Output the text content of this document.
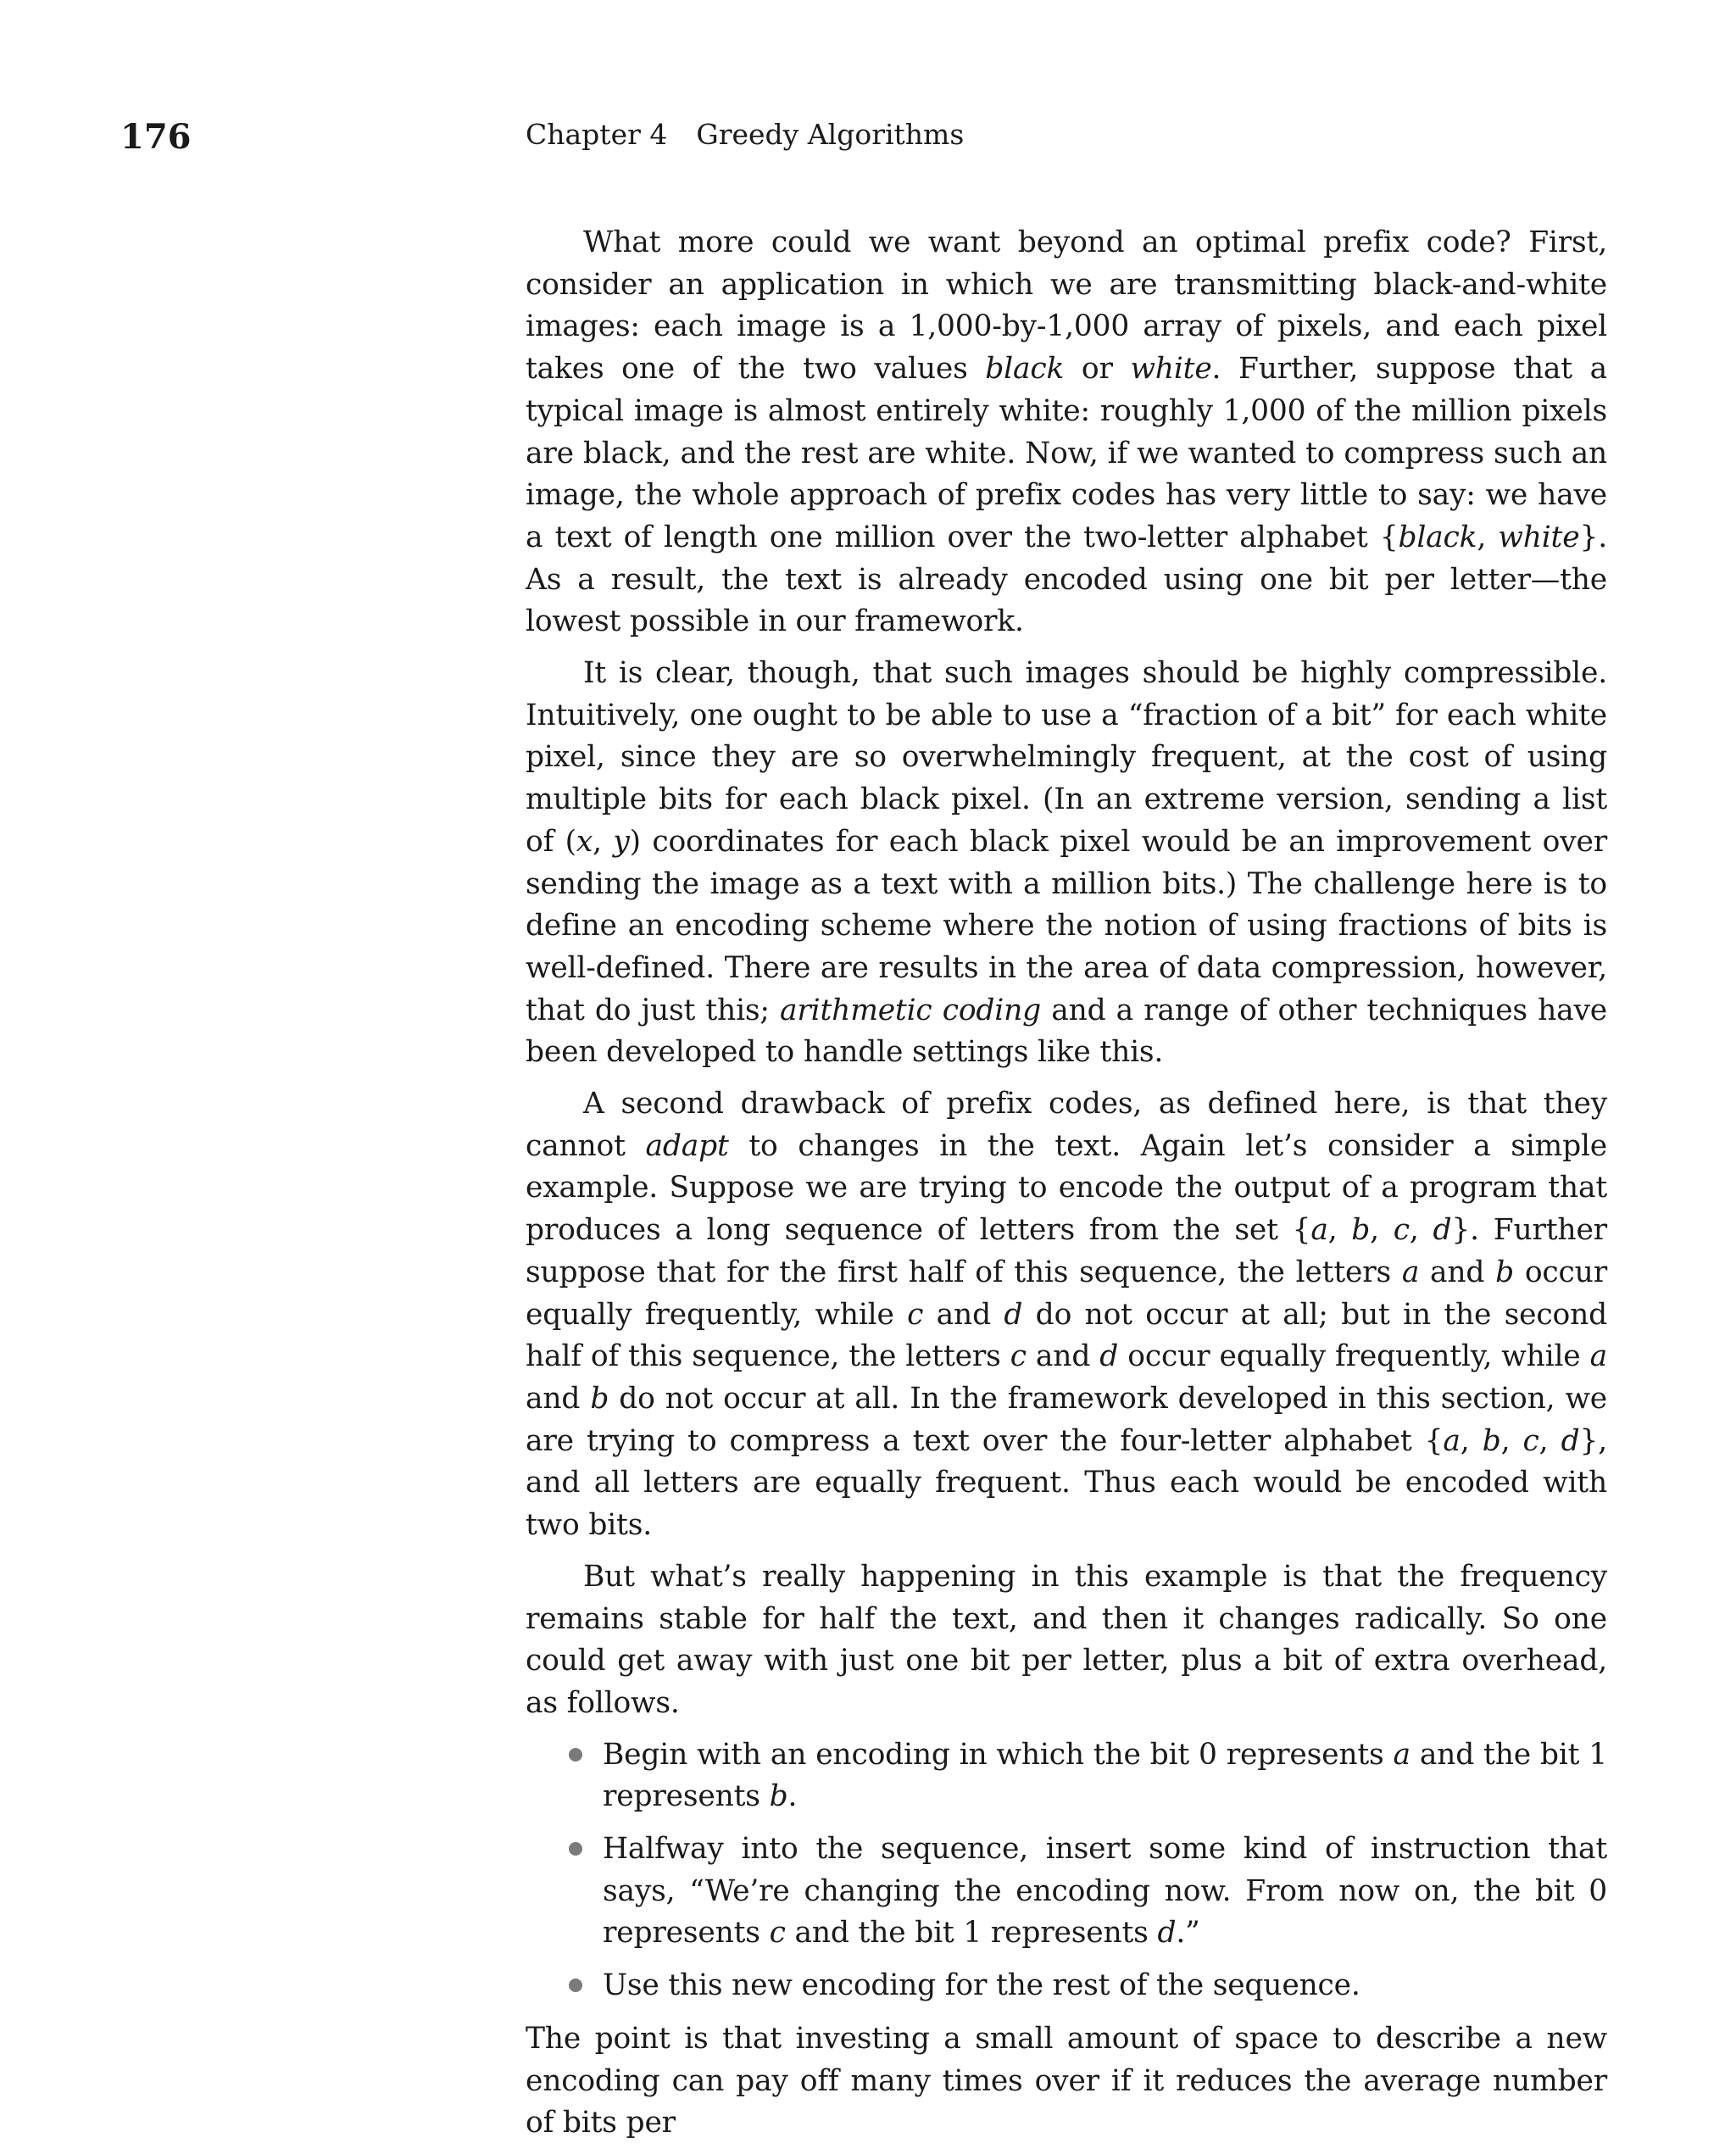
176	Chapter 4 Greedy Algorithms

What more could we want beyond an optimal prefix code? First, consider an application in which we are transmitting black-and-white images: each image is a 1,000-by-1,000 array of pixels, and each pixel takes one of the two values black or white. Further, suppose that a typical image is almost entirely white: roughly 1,000 of the million pixels are black, and the rest are white. Now, if we wanted to compress such an image, the whole approach of prefix codes has very little to say: we have a text of length one million over the two-letter alphabet {black, white}. As a result, the text is already encoded using one bit per letter—the lowest possible in our framework.

It is clear, though, that such images should be highly compressible. Intuitively, one ought to be able to use a “fraction of a bit” for each white pixel, since they are so overwhelmingly frequent, at the cost of using multiple bits for each black pixel. (In an extreme version, sending a list of (x, y) coordinates for each black pixel would be an improvement over sending the image as a text with a million bits.) The challenge here is to define an encoding scheme where the notion of using fractions of bits is well-defined. There are results in the area of data compression, however, that do just this; arithmetic coding and a range of other techniques have been developed to handle settings like this.

A second drawback of prefix codes, as defined here, is that they cannot adapt to changes in the text. Again let’s consider a simple example. Suppose we are trying to encode the output of a program that produces a long sequence of letters from the set {a, b, c, d}. Further suppose that for the first half of this sequence, the letters a and b occur equally frequently, while c and d do not occur at all; but in the second half of this sequence, the letters c and d occur equally frequently, while a and b do not occur at all. In the framework developed in this section, we are trying to compress a text over the four-letter alphabet {a, b, c, d}, and all letters are equally frequent. Thus each would be encoded with two bits.

But what’s really happening in this example is that the frequency remains stable for half the text, and then it changes radically. So one could get away with just one bit per letter, plus a bit of extra overhead, as follows.

Begin with an encoding in which the bit 0 represents a and the bit 1 represents b.
Halfway into the sequence, insert some kind of instruction that says, “We’re changing the encoding now. From now on, the bit 0 represents c and the bit 1 represents d.”
Use this new encoding for the rest of the sequence.

The point is that investing a small amount of space to describe a new encoding can pay off many times over if it reduces the average number of bits per
